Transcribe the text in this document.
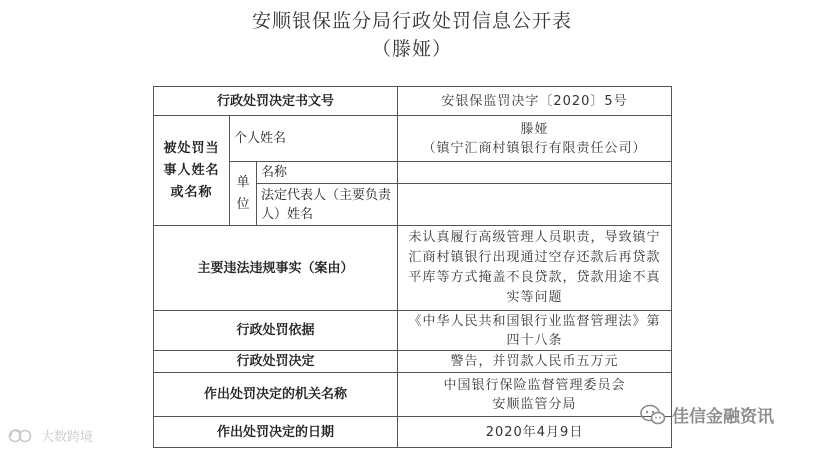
安顺银保监分局行政处罚信息公开表
（滕娅）
行政处罚决定书文号			安银保监罚决字〔2020〕5号
被处罚当事人姓名或名称	个人姓名		滕娅
（镇宁汇商村镇银行有限责任公司）

	单位	名称	
		法定代表人（主要负责人）姓名	
主要违法违规事实（案由）			未认真履行高级管理人员职责，导致镇宁汇商村镇银行出现通过空存还款后再贷款平库等方式掩盖不良贷款，贷款用途不真实等问题
行政处罚依据			《中华人民共和国银行业监督管理法》第四十八条
行政处罚决定			警告，并罚款人民币五万元
作出处罚决定的机关名称			中国银行保险监督管理委员会
安顺监管分局

作出处罚决定的日期			2020年4月9日
大数跨境
佳信金融资讯
